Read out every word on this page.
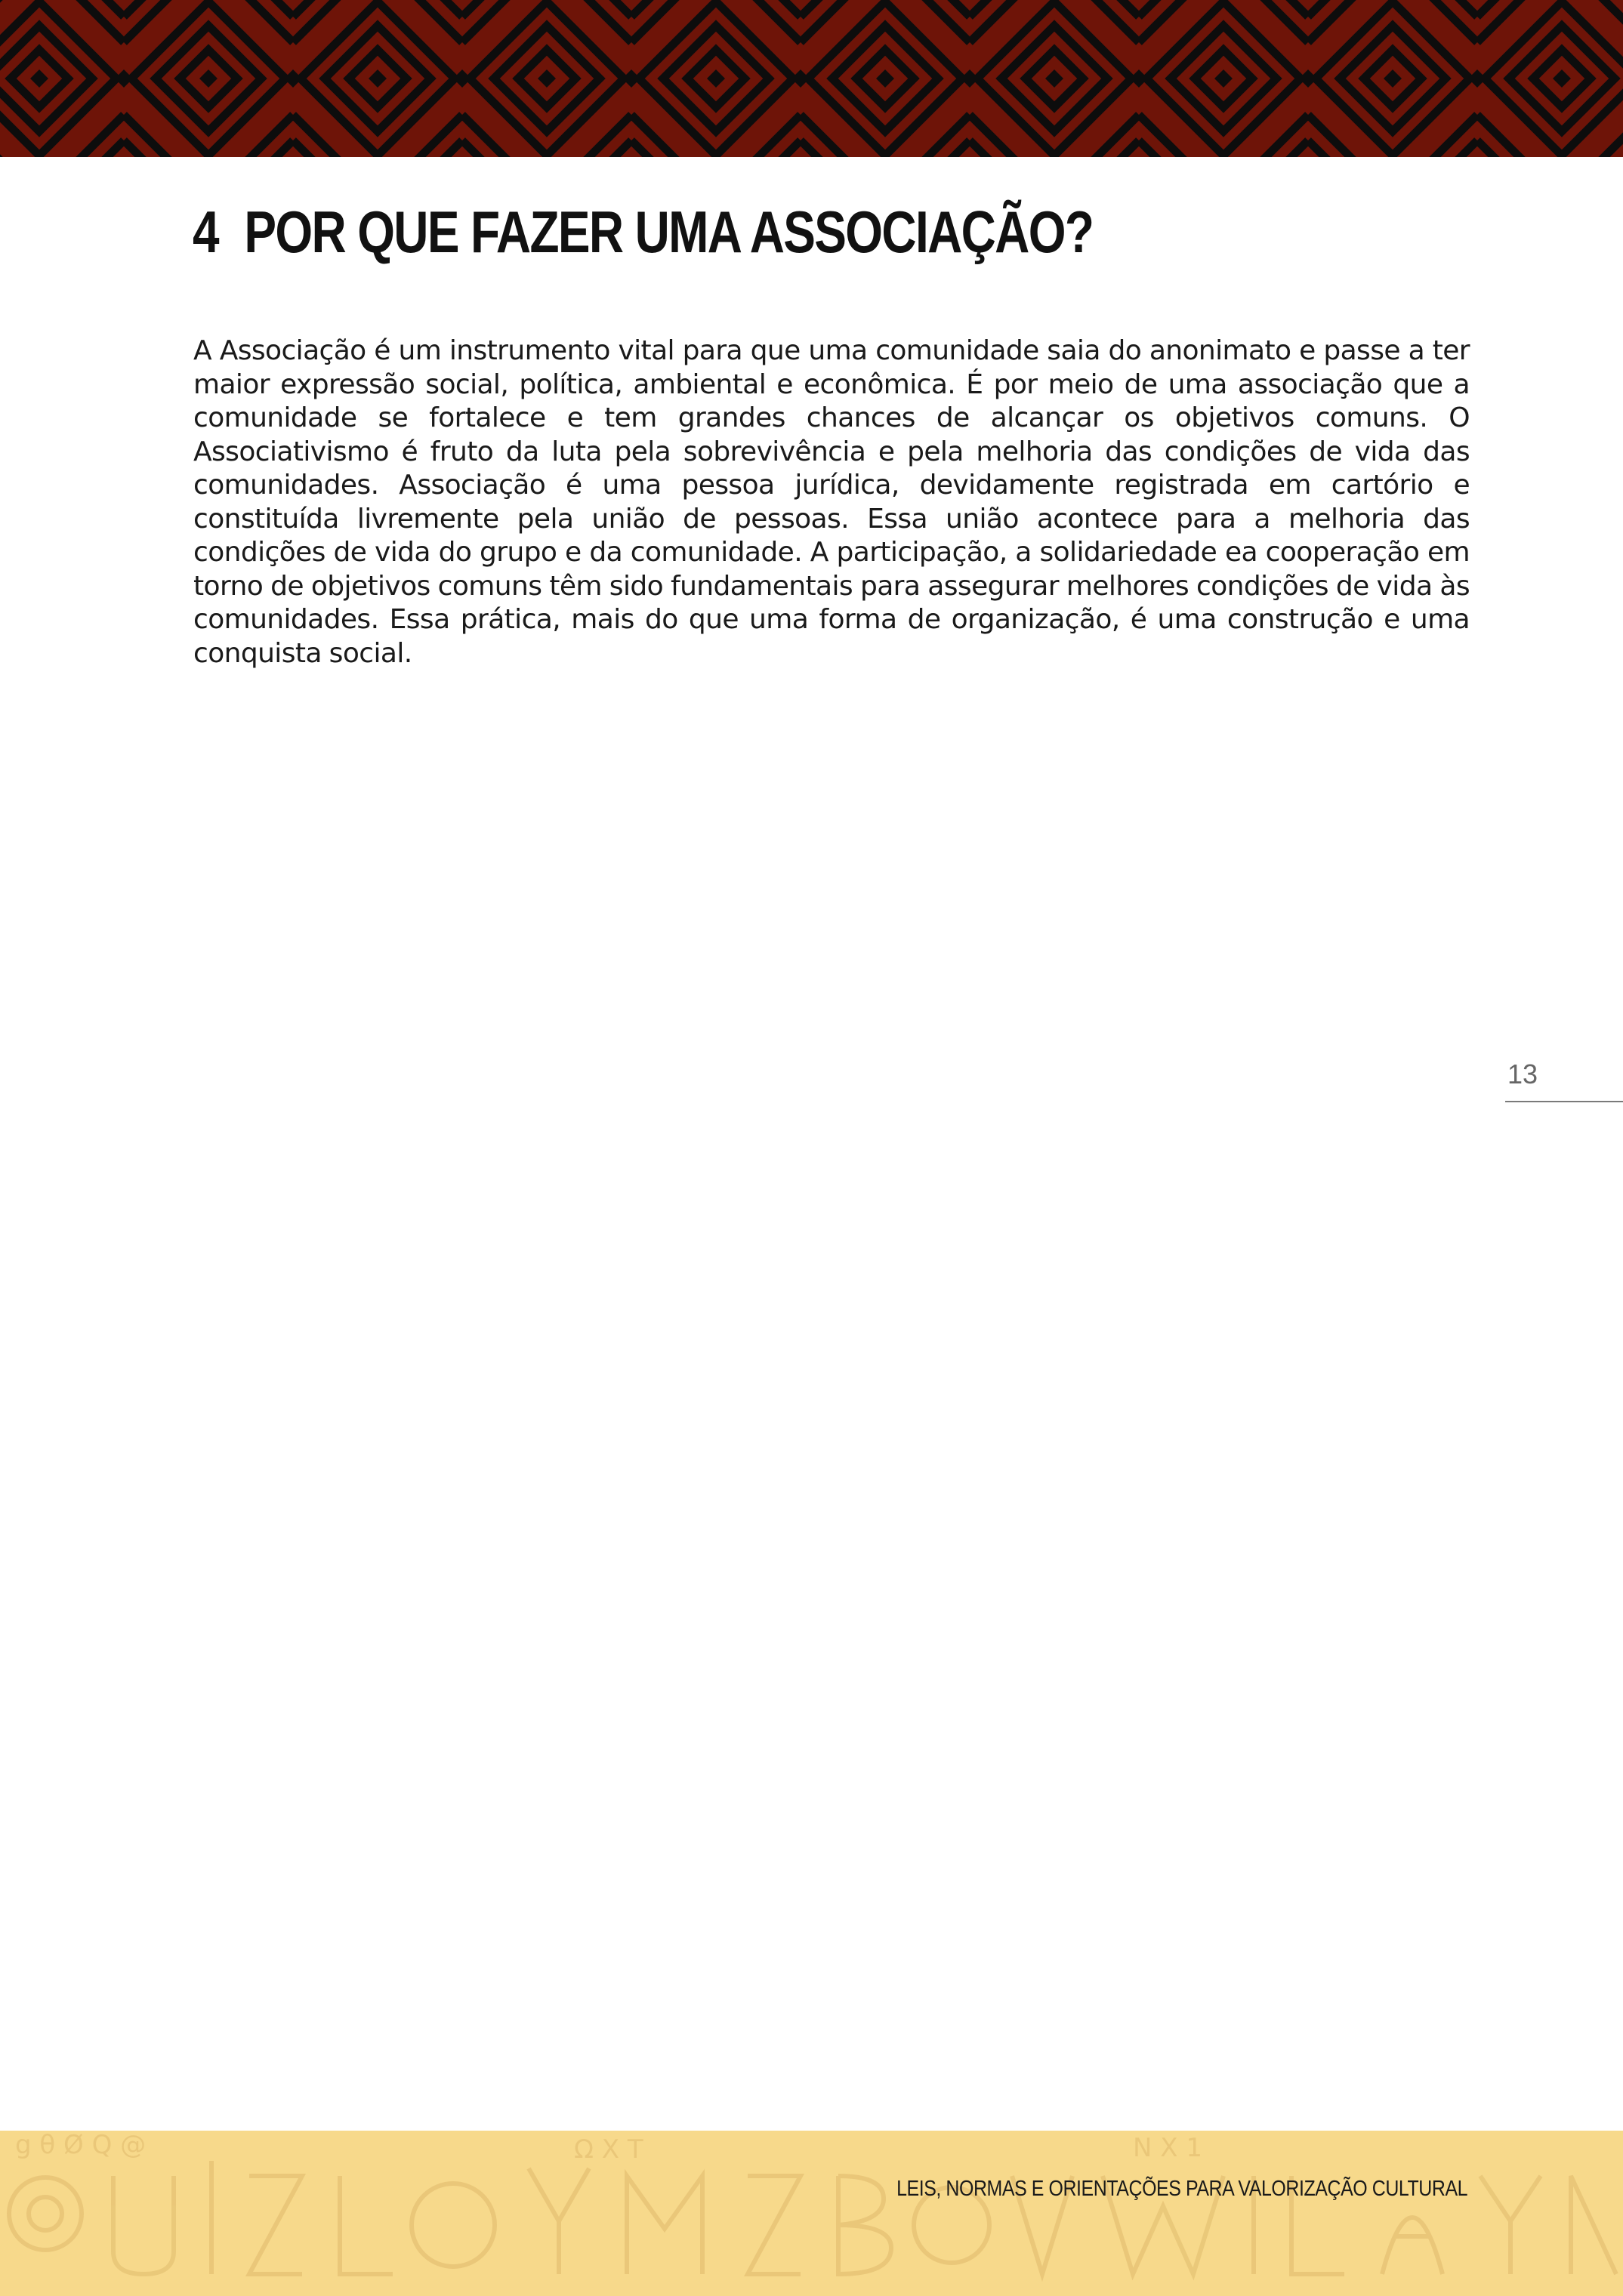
4 POR QUE FAZER UMA ASSOCIAÇÃO?

A Associação é um instrumento vital para que uma comunidade saia do anonimato e passe a ter maior expressão social, política, ambiental e econômica. É por meio de uma associação que a comunidade se fortalece e tem grandes chances de alcançar os objetivos comuns. O Associativismo é fruto da luta pela sobrevivência e pela melhoria das condições de vida das comunidades. Associação é uma pessoa jurídica, devidamente registrada em cartório e constituída livremente pela união de pessoas. Essa união acontece para a melhoria das condições de vida do grupo e da comunidade. A participação, a solidariedade ea cooperação em torno de objetivos comuns têm sido fundamentais para assegurar melhores condições de vida às comunidades. Essa prática, mais do que uma forma de organização, é uma construção e uma conquista social.

13
g θ Ø Q @	Ω X T	N X 1
LEIS, NORMAS E ORIENTAÇÕES PARA VALORIZAÇÃO CULTURAL
